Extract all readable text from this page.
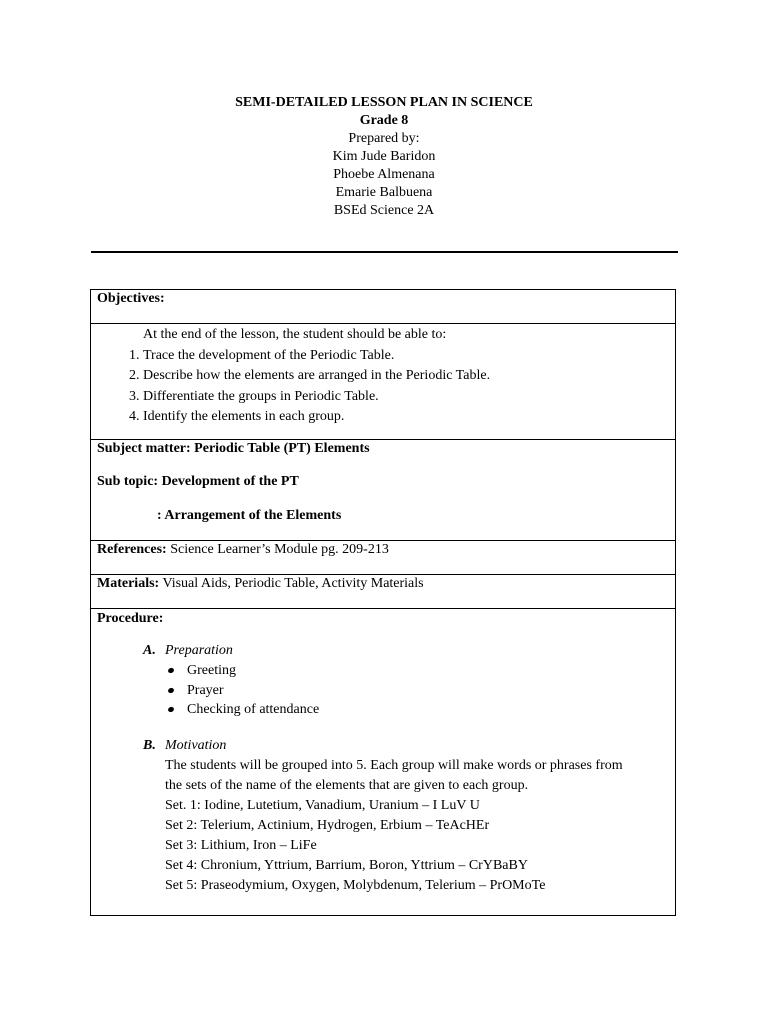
SEMI-DETAILED LESSON PLAN IN SCIENCE
Grade 8
Prepared by:
Kim Jude Baridon
Phoebe Almenana
Emarie Balbuena
BSEd Science 2A
Objectives:
At the end of the lesson, the student should be able to:
1. Trace the development of the Periodic Table.
2. Describe how the elements are arranged in the Periodic Table.
3. Differentiate the groups in Periodic Table.
4. Identify the elements in each group.

Subject matter: Periodic Table (PT) Elements

Sub topic: Development of the PT

: Arrangement of the Elements

References: Science Learner’s Module pg. 209-213
Materials: Visual Aids, Periodic Table, Activity Materials
Procedure:
A. Preparation
Greeting
Prayer
Checking of attendance
B. Motivation
The students will be grouped into 5. Each group will make words or phrases from
the sets of the name of the elements that are given to each group.
Set. 1: Iodine, Lutetium, Vanadium, Uranium – I LuV U
Set 2: Telerium, Actinium, Hydrogen, Erbium – TeAcHEr
Set 3: Lithium, Iron – LiFe
Set 4: Chronium, Yttrium, Barrium, Boron, Yttrium – CrYBaBY
Set 5: Praseodymium, Oxygen, Molybdenum, Telerium – PrOMoTe
